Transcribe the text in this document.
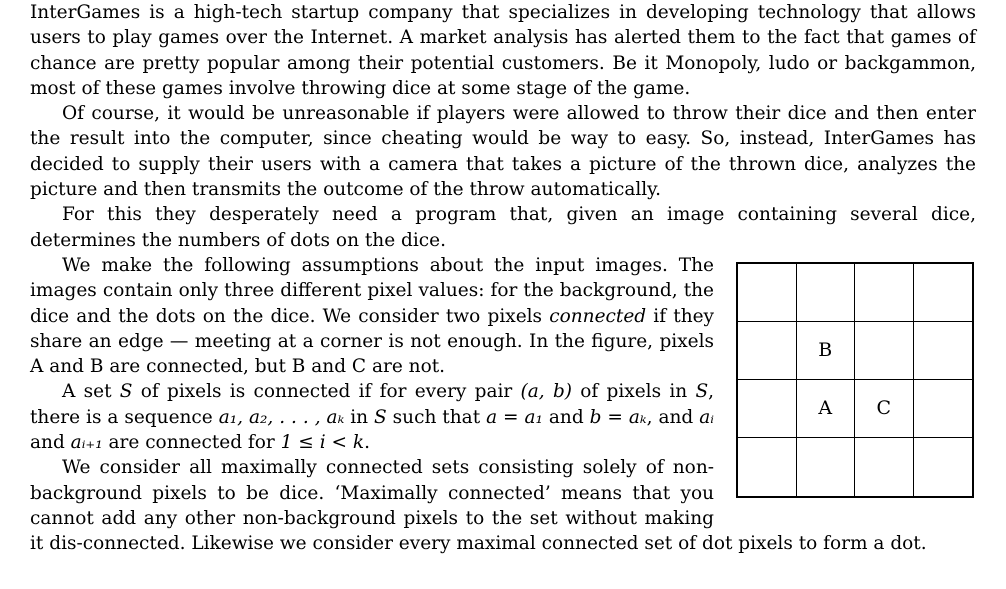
InterGames is a high-tech startup company that specializes in developing technology that allows users to play games over the Internet. A market analysis has alerted them to the fact that games of chance are pretty popular among their potential customers. Be it Monopoly, ludo or backgammon, most of these games involve throwing dice at some stage of the game.

Of course, it would be unreasonable if players were allowed to throw their dice and then enter the result into the computer, since cheating would be way to easy. So, instead, InterGames has decided to supply their users with a camera that takes a picture of the thrown dice, analyzes the picture and then transmits the outcome of the throw automatically.

For this they desperately need a program that, given an image containing several dice, determines the numbers of dots on the dice.

B
A	C

We make the following assumptions about the input images. The images contain only three different pixel values: for the background, the dice and the dots on the dice. We consider two pixels connected if they share an edge — meeting at a corner is not enough. In the figure, pixels A and B are connected, but B and C are not.

A set S of pixels is connected if for every pair (a, b) of pixels in S, there is a sequence a₁, a₂, . . . , aₖ in S such that a = a₁ and b = aₖ, and aᵢ and aᵢ₊₁ are connected for 1 ≤ i < k.

We consider all maximally connected sets consisting solely of non-background pixels to be dice. ‘Maximally connected’ means that you cannot add any other non-background pixels to the set without making it dis-connected. Likewise we consider every maximal connected set of dot pixels to form a dot.
